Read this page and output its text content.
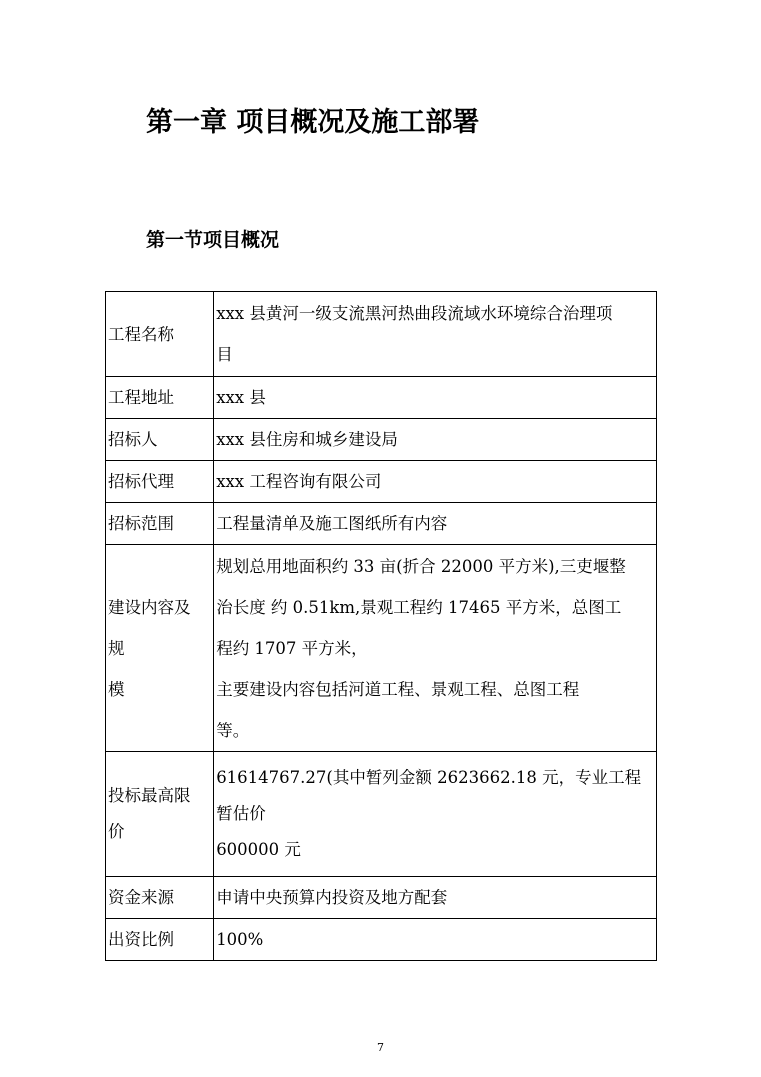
第一章 项目概况及施工部署
第一节项目概况
工程名称	xxx 县黄河一级支流黑河热曲段流域水环境综合治理项
目

工程地址	xxx 县

招标人	xxx 县住房和城乡建设局

招标代理	xxx 工程咨询有限公司

招标范围	工程量清单及施工图纸所有内容

建设内容及
规
模	规划总用地面积约 33 亩(折合 22000 平方米),三吏堰整
治长度 约 0.51km,景观工程约 17465 平方米，总图工
程约 1707 平方米，
主要建设内容包括河道工程、景观工程、总图工程
等。

投标最高限
价	61614767.27(其中暂列金额 2623662.18 元，专业工程
暂估价
600000 元

资金来源	申请中央预算内投资及地方配套

出资比例	100%
7
